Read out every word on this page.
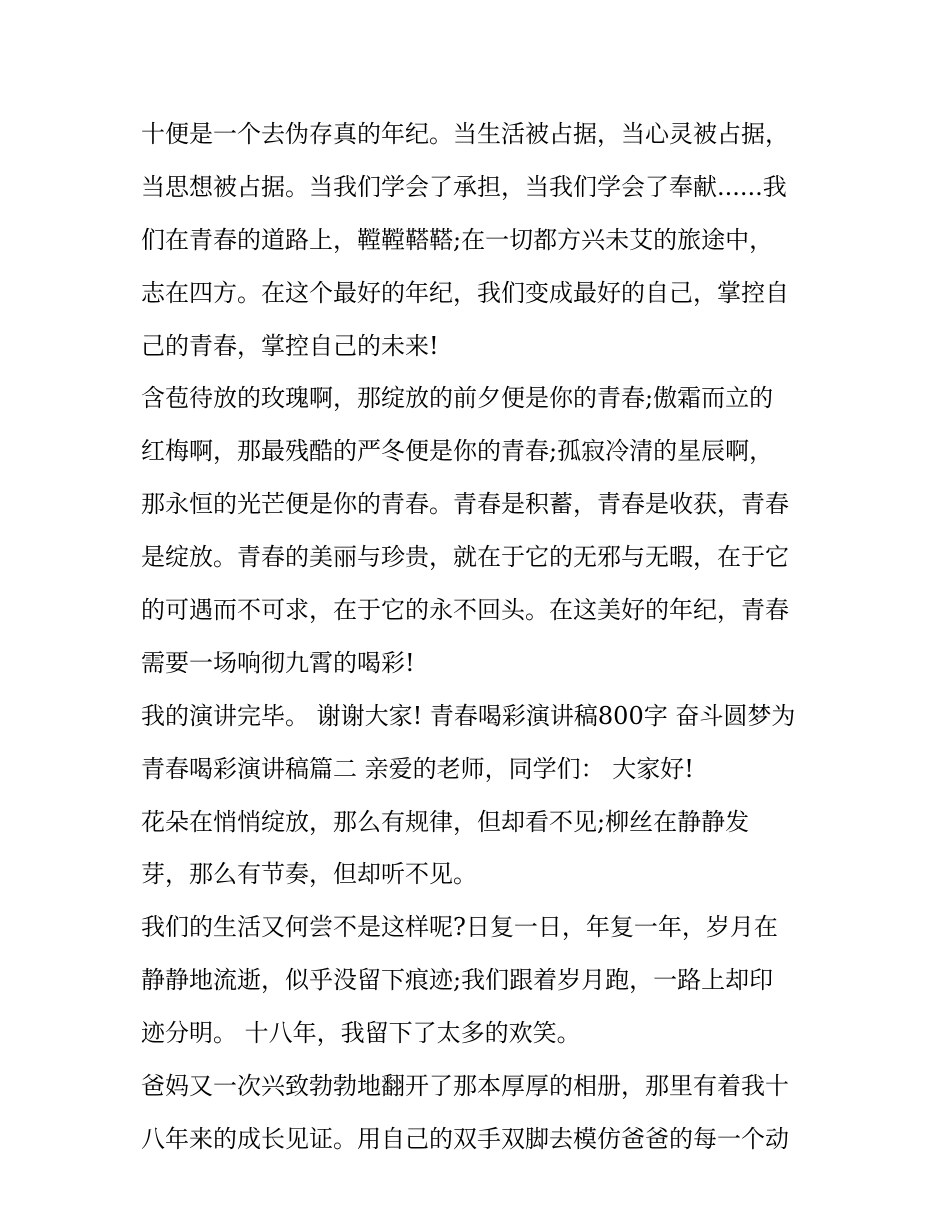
十便是一个去伪存真的年纪。当生活被占据，当心灵被占据，
当思想被占据。当我们学会了承担，当我们学会了奉献......我
们在青春的道路上，鞺鞺鞳鞳;在一切都方兴未艾的旅途中，
志在四方。在这个最好的年纪，我们变成最好的自己，掌控自
己的青春，掌控自己的未来!
含苞待放的玫瑰啊，那绽放的前夕便是你的青春;傲霜而立的
红梅啊，那最残酷的严冬便是你的青春;孤寂冷清的星辰啊，
那永恒的光芒便是你的青春。青春是积蓄，青春是收获，青春
是绽放。青春的美丽与珍贵，就在于它的无邪与无暇，在于它
的可遇而不可求，在于它的永不回头。在这美好的年纪，青春
需要一场响彻九霄的喝彩!
我的演讲完毕。 谢谢大家! 青春喝彩演讲稿800字 奋斗圆梦为
青春喝彩演讲稿篇二 亲爱的老师，同学们： 大家好!
花朵在悄悄绽放，那么有规律，但却看不见;柳丝在静静发
芽，那么有节奏，但却听不见。
我们的生活又何尝不是这样呢?日复一日，年复一年，岁月在
静静地流逝，似乎没留下痕迹;我们跟着岁月跑，一路上却印
迹分明。 十八年，我留下了太多的欢笑。
爸妈又一次兴致勃勃地翻开了那本厚厚的相册，那里有着我十
八年来的成长见证。用自己的双手双脚去模仿爸爸的每一个动
